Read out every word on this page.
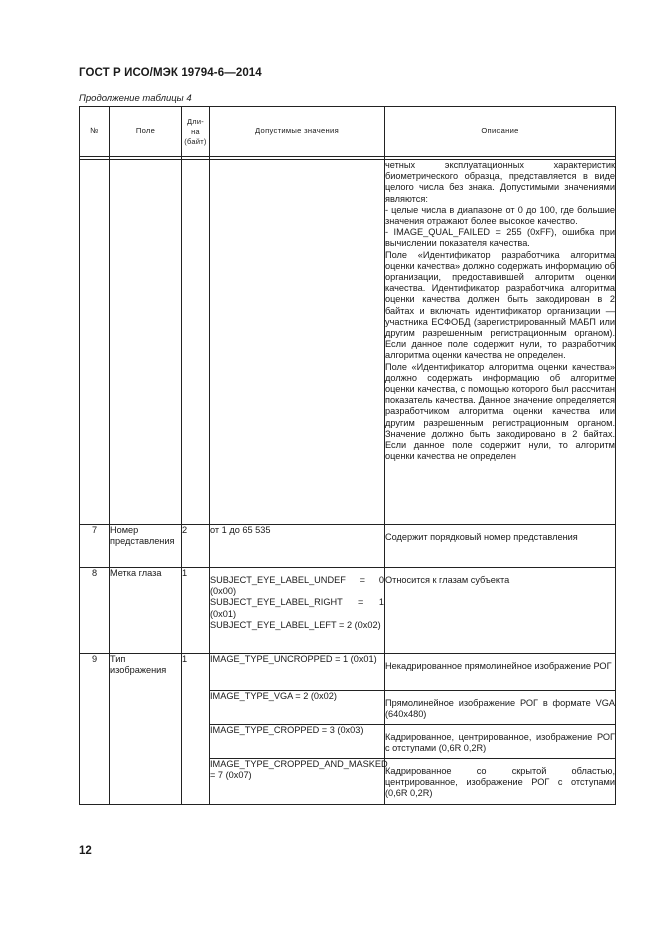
ГОСТ Р ИСО/МЭК 19794-6—2014
Продолжение таблицы 4
№	Поле	Дли-
на
(байт)	Допустимые значения	Описание

				четных эксплуатационных характеристик биометрического образца, представляется в виде целого числа без знака. Допустимыми значениями являются:

- целые числа в диапазоне от 0 до 100, где большие значения отражают более высокое качество.

- IMAGE_QUAL_FAILED = 255 (0xFF), ошибка при вычислении показателя качества.

Поле «Идентификатор разработчика алгоритма оценки качества» должно содержать информацию об организации, предоставившей алгоритм оценки качества. Идентификатор разработчика алгоритма оценки качества должен быть закодирован в 2 байтах и включать идентификатор организации — участника ЕСФОБД (зарегистрированный МАБП или другим разрешенным регистрационным органом). Если данное поле содержит нули, то разработчик алгоритма оценки качества не определен.

Поле «Идентификатор алгоритма оценки качества» должно содержать информацию об алгоритме оценки качества, с помощью которого был рассчитан показатель качества. Данное значение определяется разработчиком алгоритма оценки качества или другим разрешенным регистрационным органом. Значение должно быть закодировано в 2 байтах. Если данное поле содержит нули, то алгоритм оценки качества не определен

7	Номер представления	2	от 1 до 65 535	Содержит порядковый номер представления
8	Метка глаза	1	SUBJECT_EYE_LABEL_UNDEF = 0 (0x00)

SUBJECT_EYE_LABEL_RIGHT = 1 (0x01)

SUBJECT_EYE_LABEL_LEFT = 2 (0x02)	Относится к глазам субъекта
9	Тип изображения	1	IMAGE_TYPE_UNCROPPED = 1 (0x01)	Некадрированное прямолинейное изображение РОГ
			IMAGE_TYPE_VGA = 2 (0x02)	Прямолинейное изображение РОГ в формате VGA (640x480)
			IMAGE_TYPE_CROPPED = 3 (0x03)	Кадрированное, центрированное, изображение РОГ с отступами (0,6R 0,2R)
			IMAGE_TYPE_CROPPED_AND_MASKED = 7 (0x07)	Кадрированное со скрытой областью, центрированное, изображение РОГ с отступами (0,6R 0,2R)
12
